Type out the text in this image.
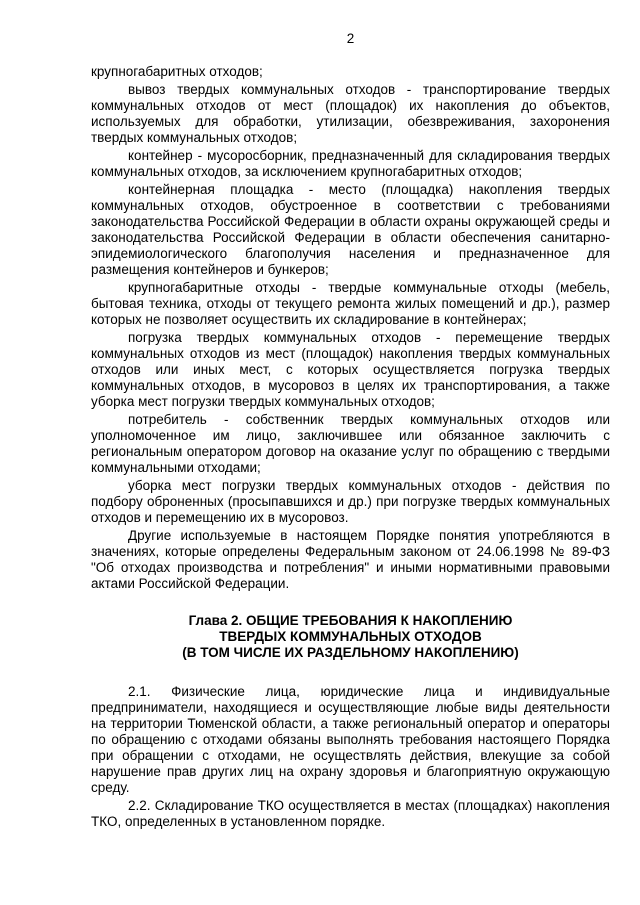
2

крупногабаритных отходов;

вывоз твердых коммунальных отходов - транспортирование твердых коммунальных отходов от мест (площадок) их накопления до объектов, используемых для обработки, утилизации, обезвреживания, захоронения твердых коммунальных отходов;

контейнер - мусоросборник, предназначенный для складирования твердых коммунальных отходов, за исключением крупногабаритных отходов;

контейнерная площадка - место (площадка) накопления твердых коммунальных отходов, обустроенное в соответствии с требованиями законодательства Российской Федерации в области охраны окружающей среды и законодательства Российской Федерации в области обеспечения санитарно-эпидемиологического благополучия населения и предназначенное для размещения контейнеров и бункеров;

крупногабаритные отходы - твердые коммунальные отходы (мебель, бытовая техника, отходы от текущего ремонта жилых помещений и др.), размер которых не позволяет осуществить их складирование в контейнерах;

погрузка твердых коммунальных отходов - перемещение твердых коммунальных отходов из мест (площадок) накопления твердых коммунальных отходов или иных мест, с которых осуществляется погрузка твердых коммунальных отходов, в мусоровоз в целях их транспортирования, а также уборка мест погрузки твердых коммунальных отходов;

потребитель - собственник твердых коммунальных отходов или уполномоченное им лицо, заключившее или обязанное заключить с региональным оператором договор на оказание услуг по обращению с твердыми коммунальными отходами;

уборка мест погрузки твердых коммунальных отходов - действия по подбору оброненных (просыпавшихся и др.) при погрузке твердых коммунальных отходов и перемещению их в мусоровоз.

Другие используемые в настоящем Порядке понятия употребляются в значениях, которые определены Федеральным законом от 24.06.1998 № 89-ФЗ "Об отходах производства и потребления" и иными нормативными правовыми актами Российской Федерации.

Глава 2. ОБЩИЕ ТРЕБОВАНИЯ К НАКОПЛЕНИЮ
ТВЕРДЫХ КОММУНАЛЬНЫХ ОТХОДОВ
(В ТОМ ЧИСЛЕ ИХ РАЗДЕЛЬНОМУ НАКОПЛЕНИЮ)

2.1. Физические лица, юридические лица и индивидуальные предприниматели, находящиеся и осуществляющие любые виды деятельности на территории Тюменской области, а также региональный оператор и операторы по обращению с отходами обязаны выполнять требования настоящего Порядка при обращении с отходами, не осуществлять действия, влекущие за собой нарушение прав других лиц на охрану здоровья и благоприятную окружающую среду.

2.2. Складирование ТКО осуществляется в местах (площадках) накопления ТКО, определенных в установленном порядке.
